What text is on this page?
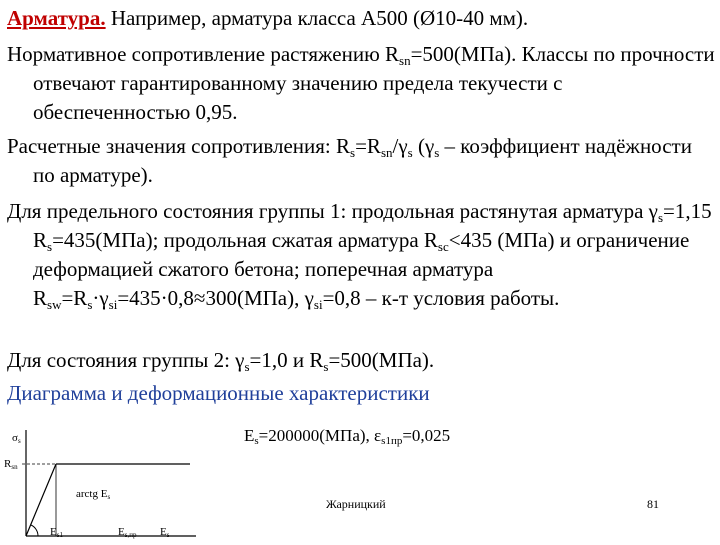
Арматура. Например, арматура класса А500 (Ø10-40 мм).

Нормативное сопротивление растяжению $R_{sn}=500(МПа)$. Классы по прочности отвечают гарантированному значению предела текучести с обеспеченностью 0,95.

Расчетные значения сопротивления: $R_s=R_{sn}/\gamma_s$ ($\gamma_s$ – коэффициент надёжности по арматуре).

Для предельного состояния группы 1: продольная растянутая арматура $\gamma_s=1,15$ $R_s=435(МПа)$; продольная сжатая арматура $R_{sc}<435$ (МПа) и ограничение деформацией сжатого бетона; поперечная арматура $R_{sw}=R_s\cdot\gamma_{si}=435\cdot 0,8\approx 300(МПа)$, $\gamma_{si}=0,8 - к-т$ условия работы.

Для состояния группы 2: $\gamma_s=1,0$ и $R_s=500(МПа)$.

Диаграмма и деформационные характеристики

$E_s=200000(МПа)$, $\varepsilon_{s1пр}=0,025$
$\sigma_s$
$R_{sn}$
arctg $E_s$
$E_{s1}$	$E_{s,пр}$ $E_s$
Жарницкий	81
